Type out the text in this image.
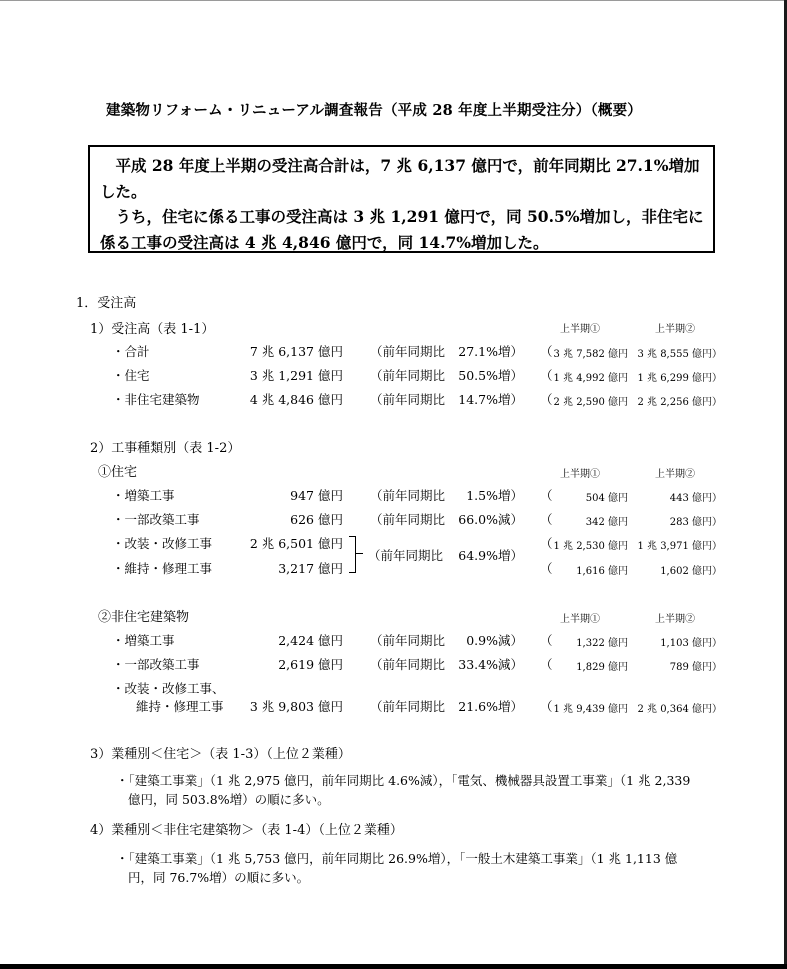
建築物リフォーム・リニューアル調査報告（平成 28 年度上半期受注分）（概要）

　平成 28 年度上半期の受注高合計は，7 兆 6,137 億円で，前年同期比 27.1%増加

した。

　うち，住宅に係る工事の受注高は 3 兆 1,291 億円で，同 50.5%増加し，非住宅に

係る工事の受注高は 4 兆 4,846 億円で，同 14.7%増加した。

1．受注高
1）受注高（表 1-1）	上半期①	上半期②
・合計	7 兆 6,137 億円 （前年同期比	27.1%増） （ 3 兆 7,582 億円 3 兆 8,555 億円）
・住宅	3 兆 1,291 億円 （前年同期比	50.5%増） （ 1 兆 4,992 億円 1 兆 6,299 億円）
・非住宅建築物	4 兆 4,846 億円 （前年同期比	14.7%増） （ 2 兆 2,590 億円 2 兆 2,256 億円）
2）工事種類別（表 1-2）
①住宅	上半期①	上半期②
・増築工事	947 億円 （前年同期比	1.5%増） （	504 億円	443 億円）
・一部改築工事	626 億円 （前年同期比	66.0%減） （	342 億円	283 億円）
・改装・改修工事	2 兆 6,501 億円	（ 1 兆 2,530 億円 1 兆 3,971 億円）
・維持・修理工事	3,217 億円	（	1,616 億円	1,602 億円）
（前年同期比	64.9%増）
②非住宅建築物	上半期①	上半期②
・増築工事	2,424 億円 （前年同期比	0.9%減） （	1,322 億円	1,103 億円）
・一部改築工事	2,619 億円 （前年同期比	33.4%減） （	1,829 億円	789 億円）
・改装・改修工事、
維持・修理工事	3 兆 9,803 億円 （前年同期比	21.6%増） （ 1 兆 9,439 億円 2 兆 0,364 億円）
3）業種別＜住宅＞（表 1-3）（上位２業種）
・「建築工事業」（1 兆 2,975 億円，前年同期比 4.6%減），「電気、機械器具設置工事業」（1 兆 2,339
億円，同 503.8%増）の順に多い。
4）業種別＜非住宅建築物＞（表 1-4）（上位２業種）
・「建築工事業」（1 兆 5,753 億円，前年同期比 26.9%増），「一般土木建築工事業」（1 兆 1,113 億
円，同 76.7%増）の順に多い。
